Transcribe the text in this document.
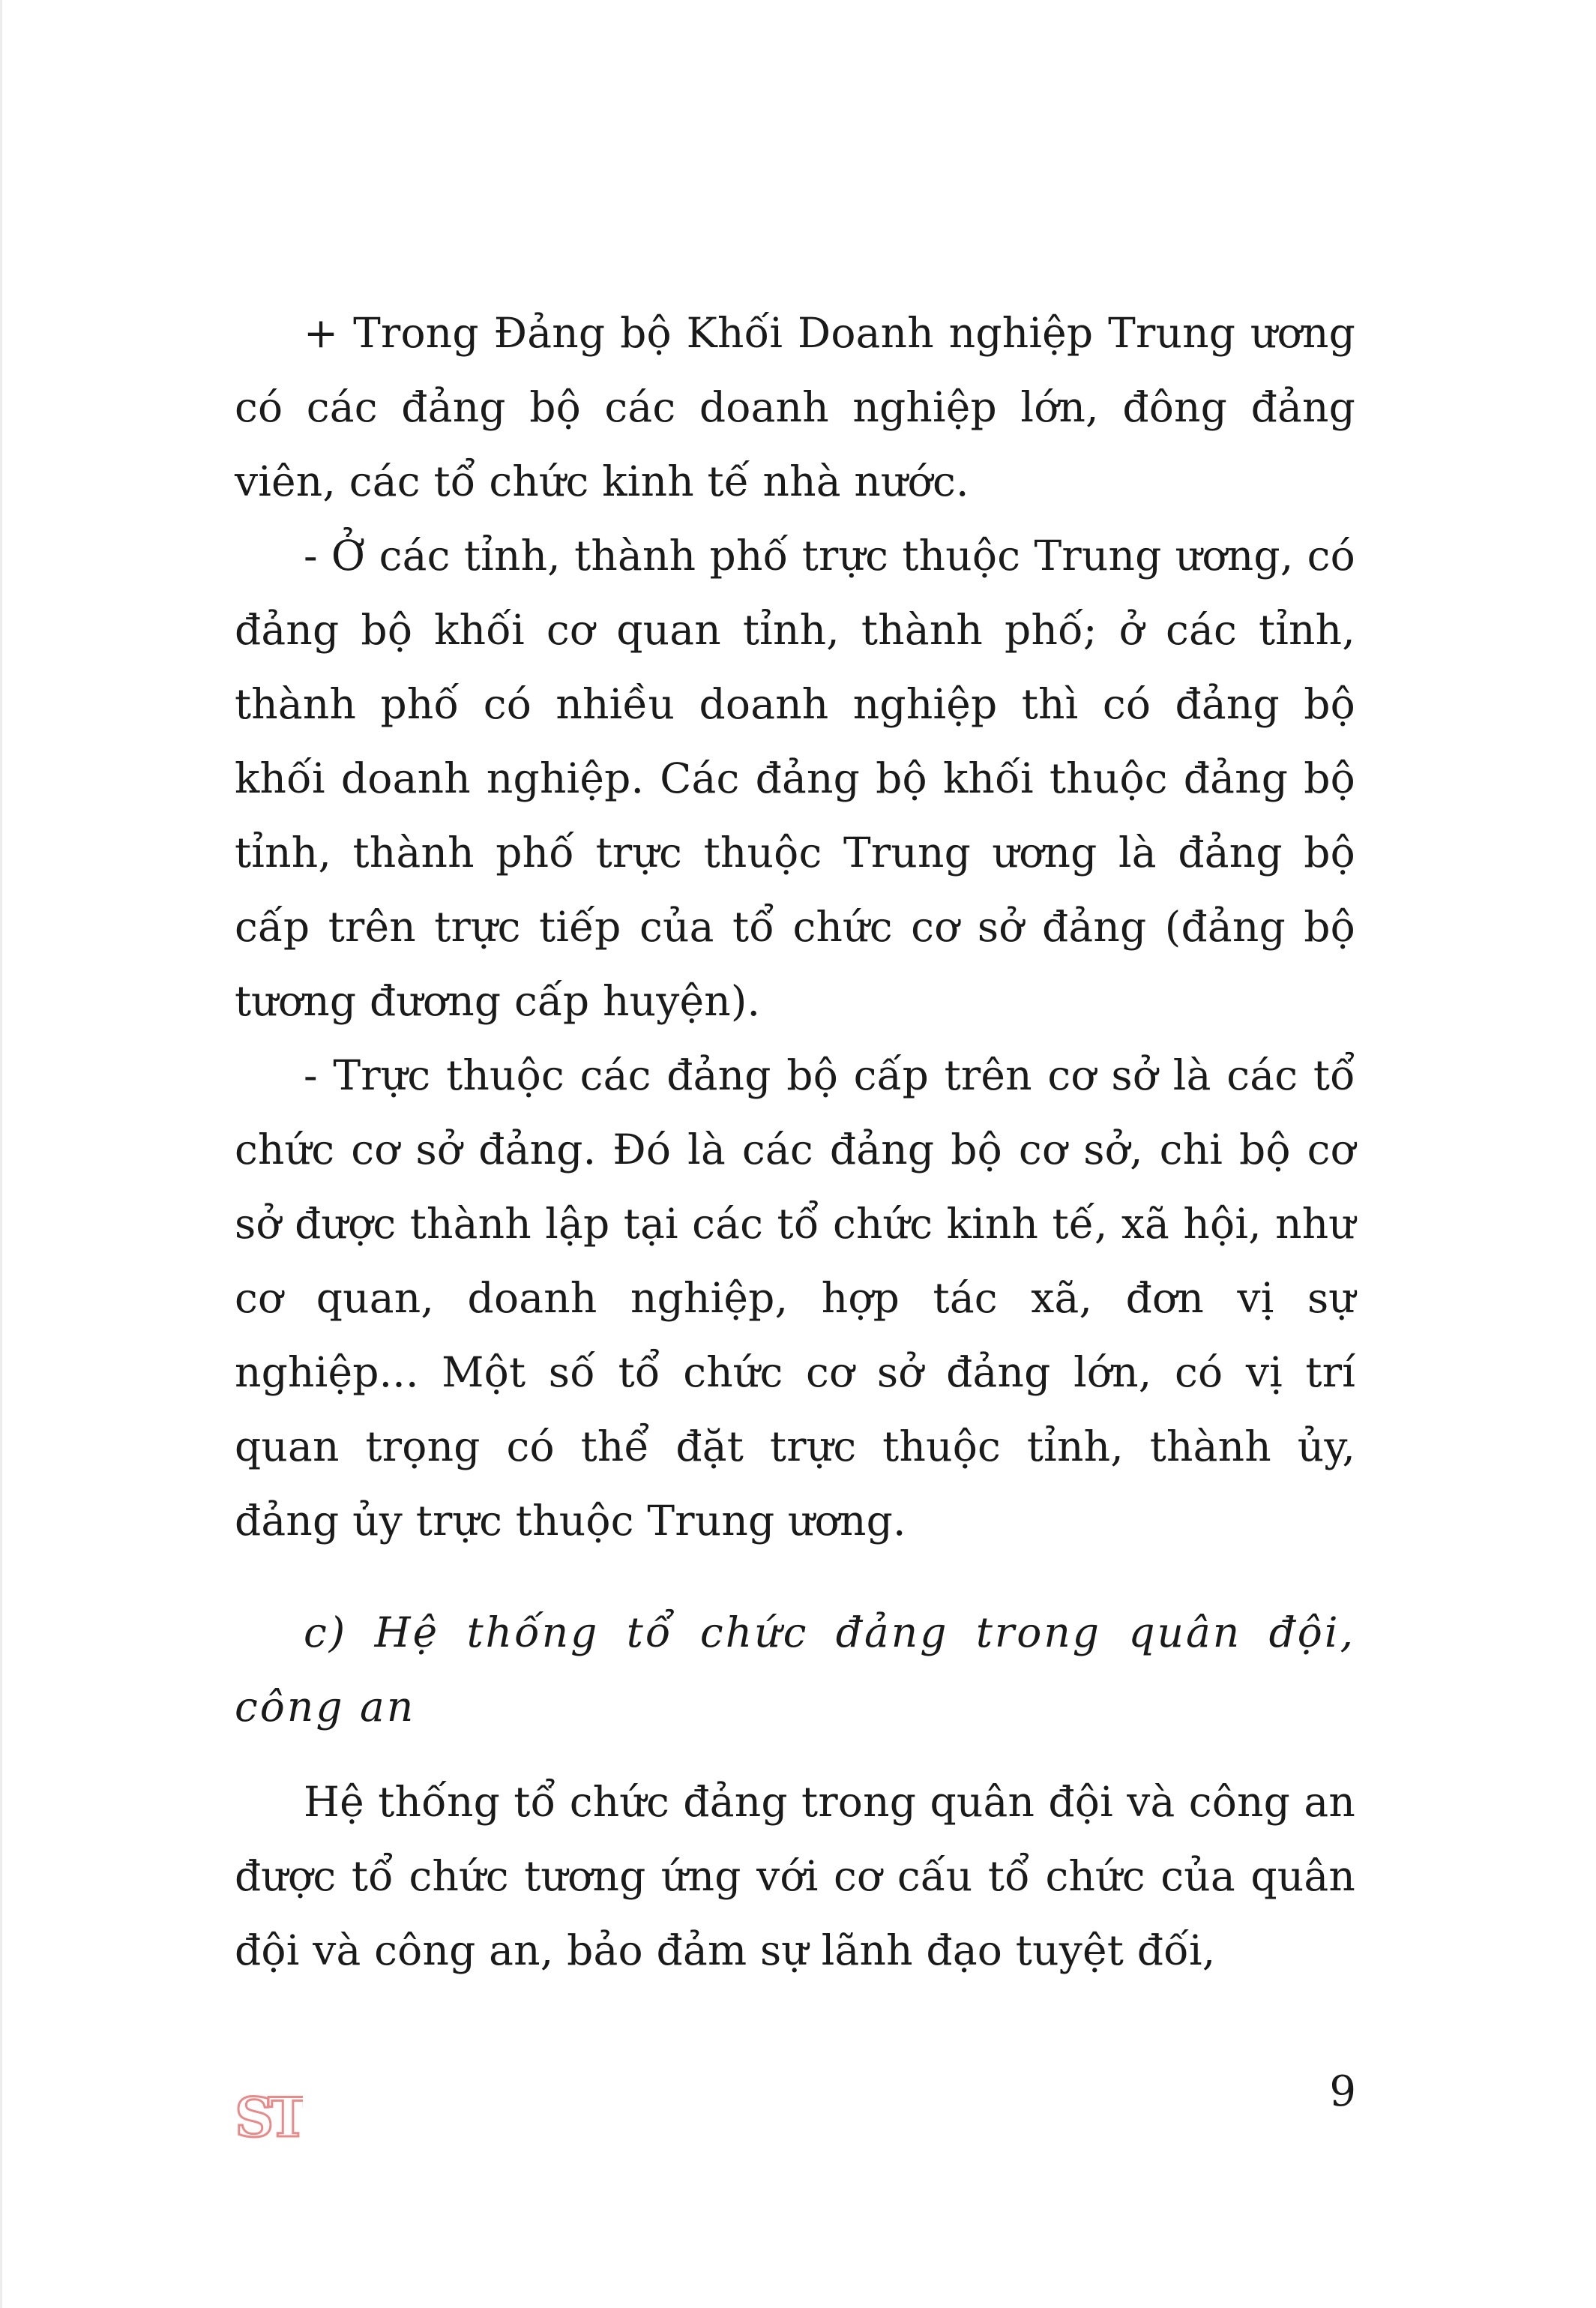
+ Trong Đảng bộ Khối Doanh nghiệp Trung ương có các đảng bộ các doanh nghiệp lớn, đông đảng viên, các tổ chức kinh tế nhà nước.

- Ở các tỉnh, thành phố trực thuộc Trung ương, có đảng bộ khối cơ quan tỉnh, thành phố; ở các tỉnh, thành phố có nhiều doanh nghiệp thì có đảng bộ khối doanh nghiệp. Các đảng bộ khối thuộc đảng bộ tỉnh, thành phố trực thuộc Trung ương là đảng bộ cấp trên trực tiếp của tổ chức cơ sở đảng (đảng bộ tương đương cấp huyện).

- Trực thuộc các đảng bộ cấp trên cơ sở là các tổ chức cơ sở đảng. Đó là các đảng bộ cơ sở, chi bộ cơ sở được thành lập tại các tổ chức kinh tế, xã hội, như cơ quan, doanh nghiệp, hợp tác xã, đơn vị sự nghiệp... Một số tổ chức cơ sở đảng lớn, có vị trí quan trọng có thể đặt trực thuộc tỉnh, thành ủy, đảng ủy trực thuộc Trung ương.

c) Hệ thống tổ chức đảng trong quân đội, công an

Hệ thống tổ chức đảng trong quân đội và công an được tổ chức tương ứng với cơ cấu tổ chức của quân đội và công an, bảo đảm sự lãnh đạo tuyệt đối,

ST	9
